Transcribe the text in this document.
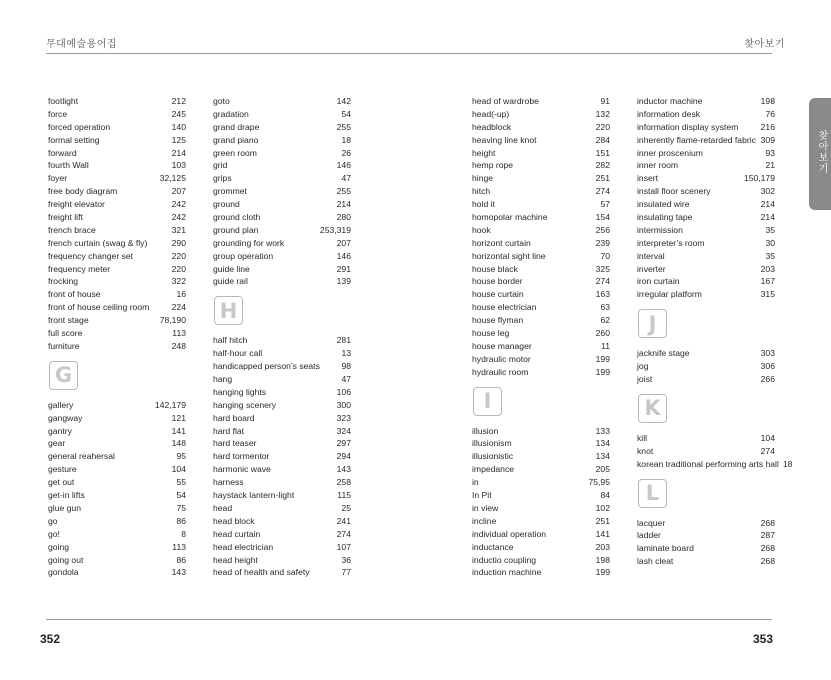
무대예술용어집	찾아보기
찾아보기
footlight	212
force	245
forced operation	140
formal setting	125
forward	214
fourth Wall	103
foyer	32,125
free body diagram	207
freight elevator	242
freight lift	242
french brace	321
french curtain (swag & fly)	290
frequency changer set	220
frequency meter	220
frocking	322
front of house	16
front of house ceiling room	224
front stage	78,190
full score	113
furniture	248
G
gallery	142,179
gangway	121
gantry	141
gear	148
general reahersal	95
gesture	104
get out	55
get-in lifts	54
glue gun	75
go	86
go!	8
going	113
going out	86
gondola	143
goto	142
gradation	54
grand drape	255
grand piano	18
green room	26
grid	146
grips	47
grommet	255
ground	214
ground cloth	280
ground plan	253,319
grounding for work	207
group operation	146
guide line	291
guide rail	139
H
half hitch	281
half-hour call	13
handicapped person’s seats	98
hang	47
hanging lights	106
hanging scenery	300
hard board	323
hard flat	324
hard teaser	297
hard tormentor	294
harmonic wave	143
harness	258
haystack lantern-light	115
head	25
head block	241
head curtain	274
head electrician	107
head height	36
head of health and safety	77
head of wardrobe	91
head(-up)	132
headblock	220
heaving line knot	284
height	151
hemp rope	282
hinge	251
hitch	274
hold it	57
homopolar machine	154
hook	256
horizont curtain	239
horizontal sight line	70
house black	325
house border	274
house curtain	163
house electrician	63
house flyman	62
house leg	260
house manager	11
hydraulic motor	199
hydraulic room	199
I
illusion	133
illusionism	134
illusionistic	134
impedance	205
in	75,95
In Pit	84
in view	102
incline	251
individual operation	141
inductance	203
inductio coupling	198
induction machine	199
inductor machine	198
information desk	76
information display system	216
inherently flame-retarded fabric 309
inner proscenium	93
inner room	21
insert	150,179
install floor scenery	302
insulated wire	214
insulating tape	214
intermission	35
interpreter’s room	30
interval	35
inverter	203
iron curtain	167
irregular platform	315
J
jacknife stage	303
jog	306
joist	266
K
kill	104
knot	274
korean traditional performing arts hall 18
L
lacquer	268
ladder	287
laminate board	268
lash cleat	268
352	353
